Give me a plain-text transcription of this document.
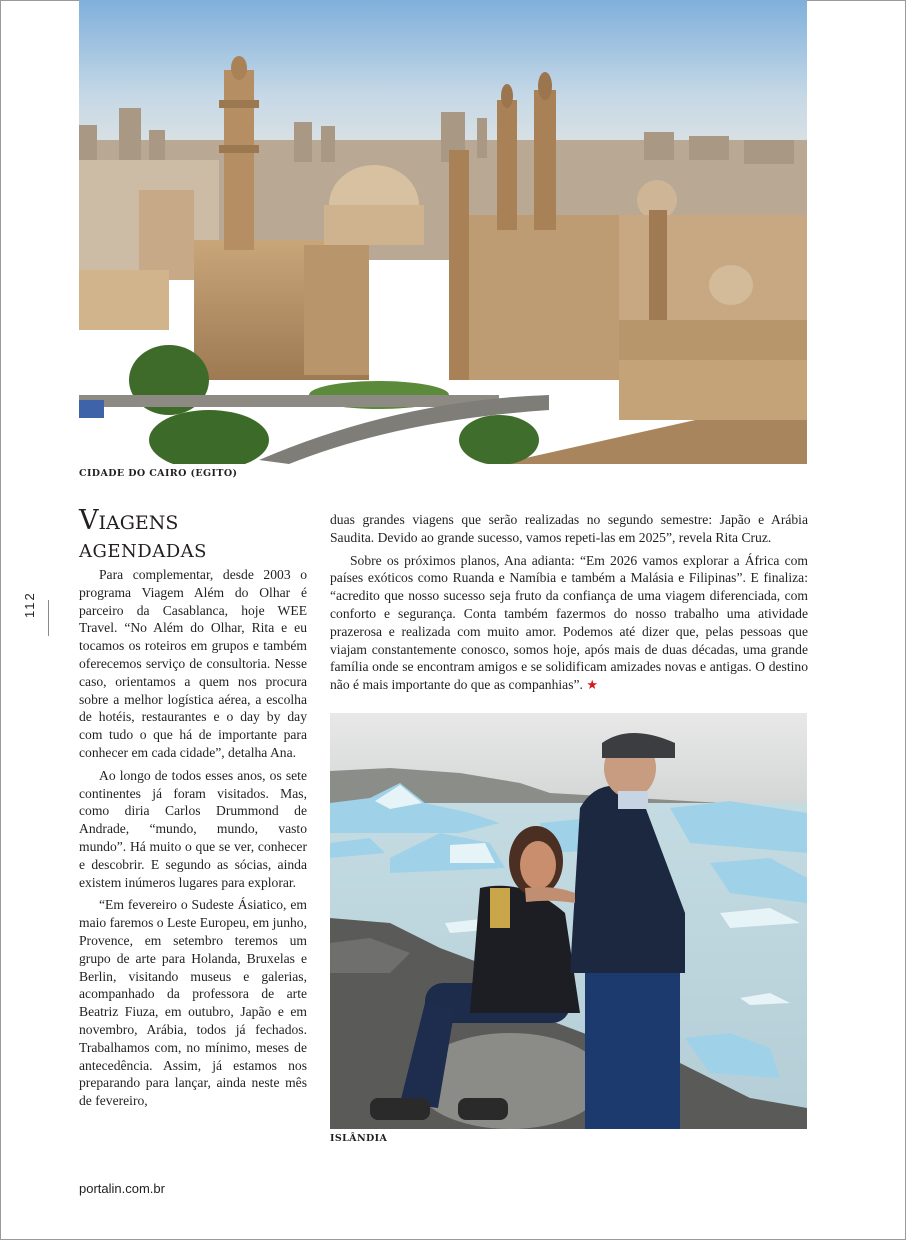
CIDADE DO CAIRO (EGITO)
112
Viagens
agendadas

Para complementar, desde 2003 o programa Viagem Além do Olhar é parceiro da Casablanca, hoje WEE Travel. “No Além do Olhar, Rita e eu tocamos os roteiros em grupos e também oferecemos serviço de consultoria. Nesse caso, orientamos a quem nos procura sobre a melhor logística aérea, a escolha de hotéis, restaurantes e o day by day com tudo o que há de importante para conhecer em cada cidade”, detalha Ana.

Ao longo de todos esses anos, os sete continentes já foram visitados. Mas, como diria Carlos Drummond de Andrade, “mundo, mundo, vasto mundo”. Há muito o que se ver, conhecer e descobrir. E segundo as sócias, ainda existem inúmeros lugares para explorar.

“Em fevereiro o Sudeste Ásiatico, em maio faremos o Leste Europeu, em junho, Provence, em setembro teremos um grupo de arte para Holanda, Bruxelas e Berlin, visitando museus e galerias, acompanhado da professora de arte Beatriz Fiuza, em outubro, Japão e em novembro, Arábia, todos já fechados. Trabalhamos com, no mínimo, meses de antecedência. Assim, já estamos nos preparando para lançar, ainda neste mês de fevereiro,

duas grandes viagens que serão realizadas no segundo semestre: Japão e Arábia Saudita. Devido ao grande sucesso, vamos repeti-las em 2025”, revela Rita Cruz.

Sobre os próximos planos, Ana adianta: “Em 2026 vamos explorar a África com países exóticos como Ruanda e Namíbia e também a Malásia e Filipinas”. E finaliza: “acredito que nosso sucesso seja fruto da confiança de uma viagem diferenciada, com conforto e segurança. Conta também fazermos do nosso trabalho uma atividade prazerosa e realizada com muito amor. Podemos até dizer que, pelas pessoas que viajam constantemente conosco, somos hoje, após mais de duas décadas, uma grande família onde se encontram amigos e se solidificam amizades novas e antigas. O destino não é mais importante do que as companhias”. ★

ISLÂNDIA
portalin.com.br
